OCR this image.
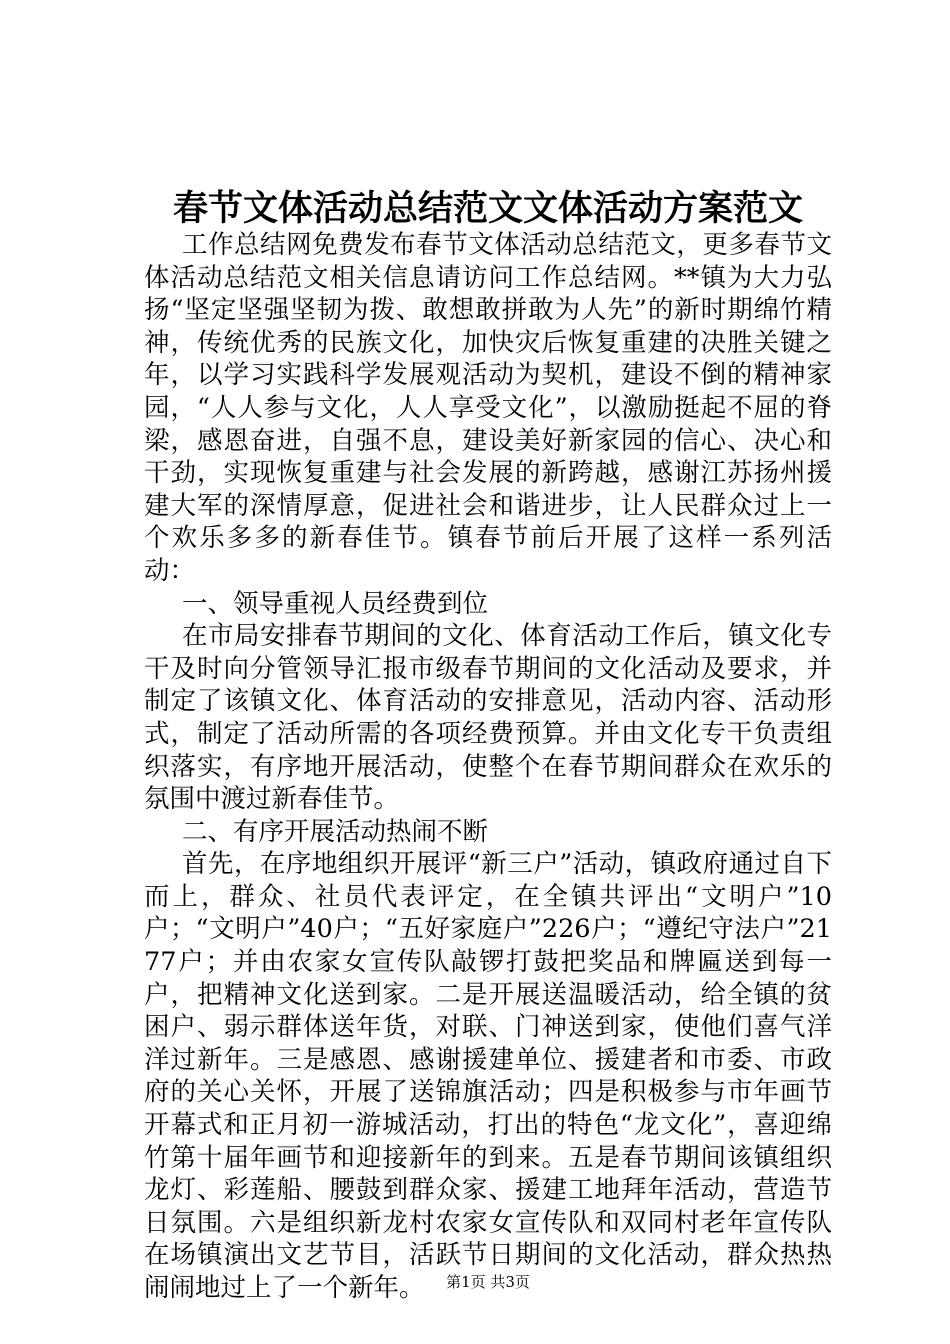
春节文体活动总结范文文体活动方案范文

工作总结网免费发布春节文体活动总结范文，更多春节文体活动总结范文相关信息请访问工作总结网。**镇为大力弘扬“坚定坚强坚韧为拨、敢想敢拼敢为人先”的新时期绵竹精神，传统优秀的民族文化，加快灾后恢复重建的决胜关键之年，以学习实践科学发展观活动为契机，建设不倒的精神家园，“人人参与文化，人人享受文化”，以激励挺起不屈的脊梁，感恩奋进，自强不息，建设美好新家园的信心、决心和干劲，实现恢复重建与社会发展的新跨越，感谢江苏扬州援建大军的深情厚意，促进社会和谐进步，让人民群众过上一个欢乐多多的新春佳节。镇春节前后开展了这样一系列活动：

一、领导重视人员经费到位

在市局安排春节期间的文化、体育活动工作后，镇文化专干及时向分管领导汇报市级春节期间的文化活动及要求，并制定了该镇文化、体育活动的安排意见，活动内容、活动形式，制定了活动所需的各项经费预算。并由文化专干负责组织落实，有序地开展活动，使整个在春节期间群众在欢乐的氛围中渡过新春佳节。

二、有序开展活动热闹不断

首先，在序地组织开展评“新三户”活动，镇政府通过自下而上，群众、社员代表评定，在全镇共评出“文明户”10户；“文明户”40户；“五好家庭户”226户；“遵纪守法户”2177户；并由农家女宣传队敲锣打鼓把奖品和牌匾送到每一户，把精神文化送到家。二是开展送温暖活动，给全镇的贫困户、弱示群体送年货，对联、门神送到家，使他们喜气洋洋过新年。三是感恩、感谢援建单位、援建者和市委、市政府的关心关怀，开展了送锦旗活动；四是积极参与市年画节开幕式和正月初一游城活动，打出的特色“龙文化”，喜迎绵竹第十届年画节和迎接新年的到来。五是春节期间该镇组织龙灯、彩莲船、腰鼓到群众家、援建工地拜年活动，营造节日氛围。六是组织新龙村农家女宣传队和双同村老年宣传队在场镇演出文艺节目，活跃节日期间的文化活动，群众热热闹闹地过上了一个新年。	第1页 共3页
